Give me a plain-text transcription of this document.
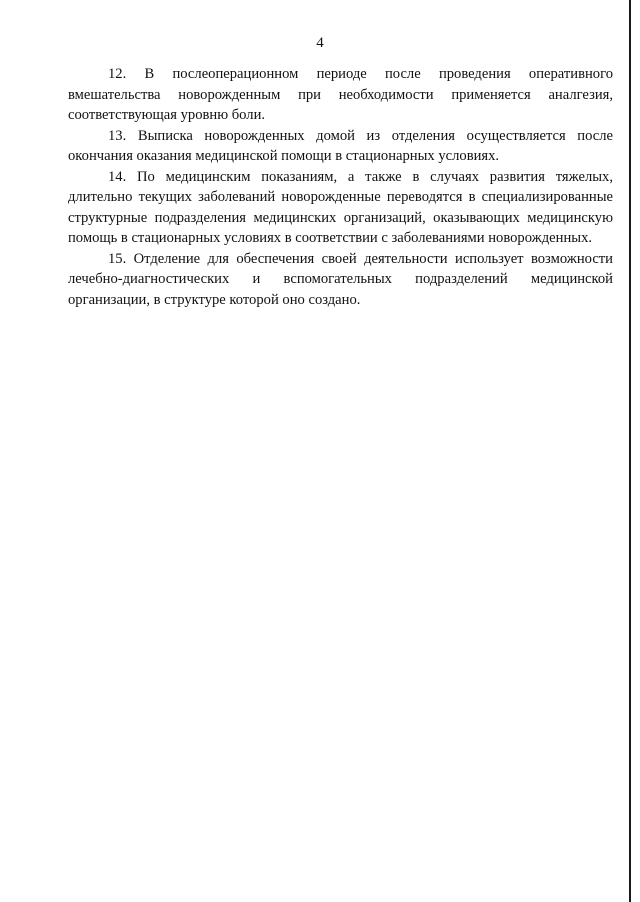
4

12. В послеоперационном периоде после проведения оперативного вмешательства новорожденным при необходимости применяется аналгезия, соответствующая уровню боли.

13. Выписка новорожденных домой из отделения осуществляется после окончания оказания медицинской помощи в стационарных условиях.

14. По медицинским показаниям, а также в случаях развития тяжелых, длительно текущих заболеваний новорожденные переводятся в специализированные структурные подразделения медицинских организаций, оказывающих медицинскую помощь в стационарных условиях в соответствии с заболеваниями новорожденных.

15. Отделение для обеспечения своей деятельности использует возможности лечебно-диагностических и вспомогательных подразделений медицинской организации, в структуре которой оно создано.
